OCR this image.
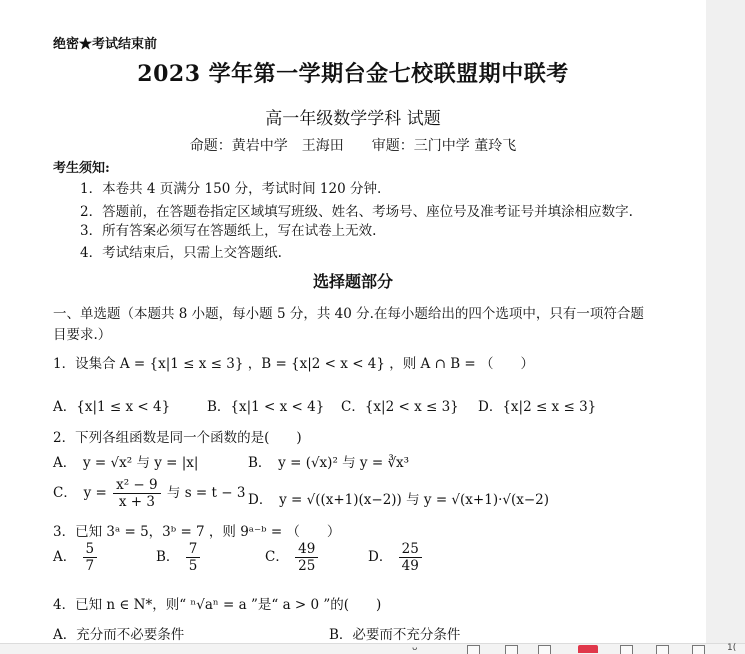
绝密★考试结束前
2023 学年第一学期台金七校联盟期中联考
高一年级数学学科 试题
命题：黄岩中学　王海田　　审题：三门中学 董玲飞
考生须知:
1．本卷共 4 页满分 150 分，考试时间 120 分钟.
2．答题前，在答题卷指定区域填写班级、姓名、考场号、座位号及准考证号并填涂相应数字.
3．所有答案必须写在答题纸上，写在试卷上无效.
4．考试结束后，只需上交答题纸.
选择题部分
一、单选题（本题共 8 小题，每小题 5 分，共 40 分.在每小题给出的四个选项中，只有一项符合题
目要求.）
1．设集合 A = {x|1 ≤ x ≤ 3} ，B = {x|2 < x < 4} ，则 A ∩ B = （　　）
A．{x|1 ≤ x < 4}	B．{x|1 < x < 4} C．{x|2 < x ≤ 3} D．{x|2 ≤ x ≤ 3}
2．下列各组函数是同一个函数的是(　　)
A．　y = √x² 与 y = |x|	B．　y = (√x)² 与 y = ∛x³
C．　$y = \frac{\text{x² − 9}}{x + 3}$ 与 s = t − 3 D．　y = √((x+1)(x−2)) 与 y = √(x+1)·√(x−2)
3．已知 3ᵃ = 5，3ᵇ = 7 ，则 9ᵃ⁻ᵇ = （　　）
A． $\frac{5}{7}$	B． $\frac{7}{5}$	C． $\frac{49}{25}$	D． $\frac{25}{49}$
4．已知 n ∈ N*，则“ ⁿ√aⁿ = a ”是“ a > 0 ”的(　　)
A．充分而不必要条件	B．必要而不充分条件
ᴗ	1(
